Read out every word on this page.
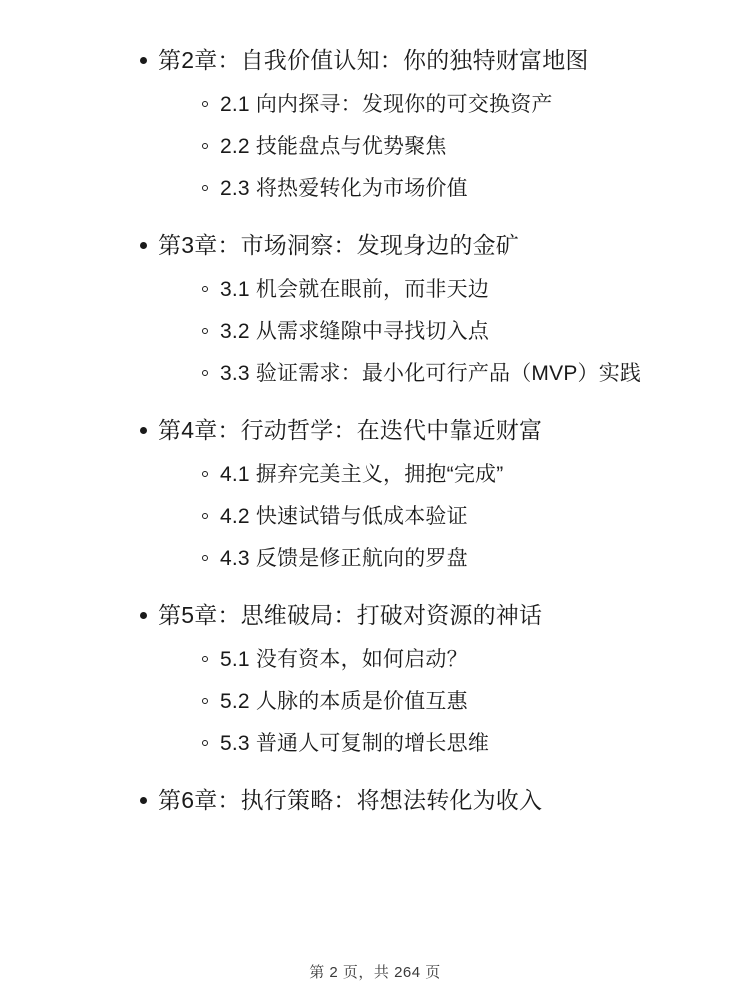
第2章：自我价值认知：你的独特财富地图
2.1 向内探寻：发现你的可交换资产
2.2 技能盘点与优势聚焦
2.3 将热爱转化为市场价值
第3章：市场洞察：发现身边的金矿
3.1 机会就在眼前，而非天边
3.2 从需求缝隙中寻找切入点
3.3 验证需求：最小化可行产品（MVP）实践
第4章：行动哲学：在迭代中靠近财富
4.1 摒弃完美主义，拥抱“完成”
4.2 快速试错与低成本验证
4.3 反馈是修正航向的罗盘
第5章：思维破局：打破对资源的神话
5.1 没有资本，如何启动？
5.2 人脉的本质是价值互惠
5.3 普通人可复制的增长思维
第6章：执行策略：将想法转化为收入
第 2 页，共 264 页
